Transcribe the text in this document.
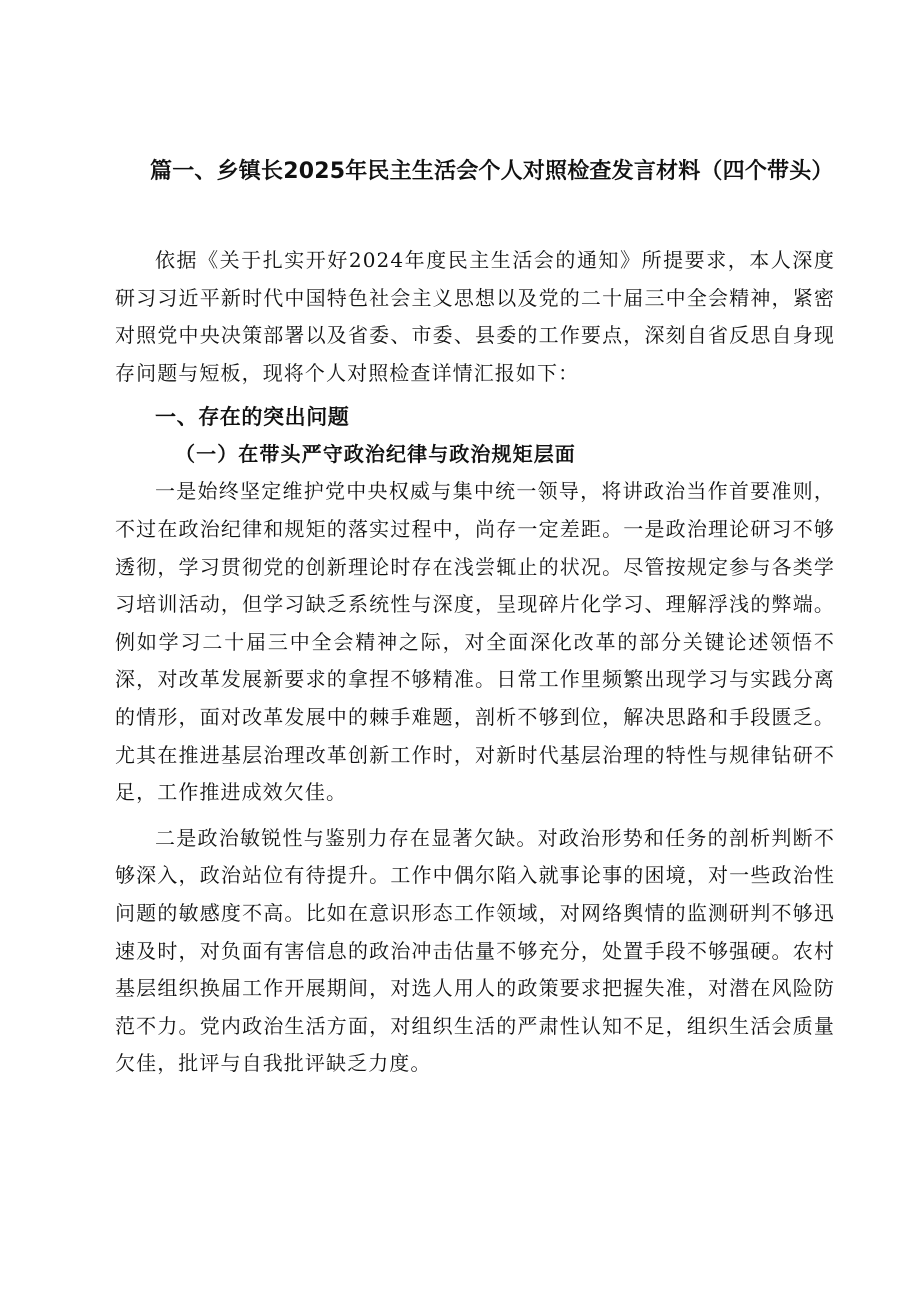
篇一、乡镇长2025年民主生活会个人对照检查发言材料（四个带头）

依据《关于扎实开好2024年度民主生活会的通知》所提要求，本人深度研习习近平新时代中国特色社会主义思想以及党的二十届三中全会精神，紧密对照党中央决策部署以及省委、市委、县委的工作要点，深刻自省反思自身现存问题与短板，现将个人对照检查详情汇报如下：

一、存在的突出问题
（一）在带头严守政治纪律与政治规矩层面

一是始终坚定维护党中央权威与集中统一领导，将讲政治当作首要准则，不过在政治纪律和规矩的落实过程中，尚存一定差距。一是政治理论研习不够透彻，学习贯彻党的创新理论时存在浅尝辄止的状况。尽管按规定参与各类学习培训活动，但学习缺乏系统性与深度，呈现碎片化学习、理解浮浅的弊端。例如学习二十届三中全会精神之际，对全面深化改革的部分关键论述领悟不深，对改革发展新要求的拿捏不够精准。日常工作里频繁出现学习与实践分离的情形，面对改革发展中的棘手难题，剖析不够到位，解决思路和手段匮乏。尤其在推进基层治理改革创新工作时，对新时代基层治理的特性与规律钻研不足，工作推进成效欠佳。

二是政治敏锐性与鉴别力存在显著欠缺。对政治形势和任务的剖析判断不够深入，政治站位有待提升。工作中偶尔陷入就事论事的困境，对一些政治性问题的敏感度不高。比如在意识形态工作领域，对网络舆情的监测研判不够迅速及时，对负面有害信息的政治冲击估量不够充分，处置手段不够强硬。农村基层组织换届工作开展期间，对选人用人的政策要求把握失准，对潜在风险防范不力。党内政治生活方面，对组织生活的严肃性认知不足，组织生活会质量欠佳，批评与自我批评缺乏力度。
